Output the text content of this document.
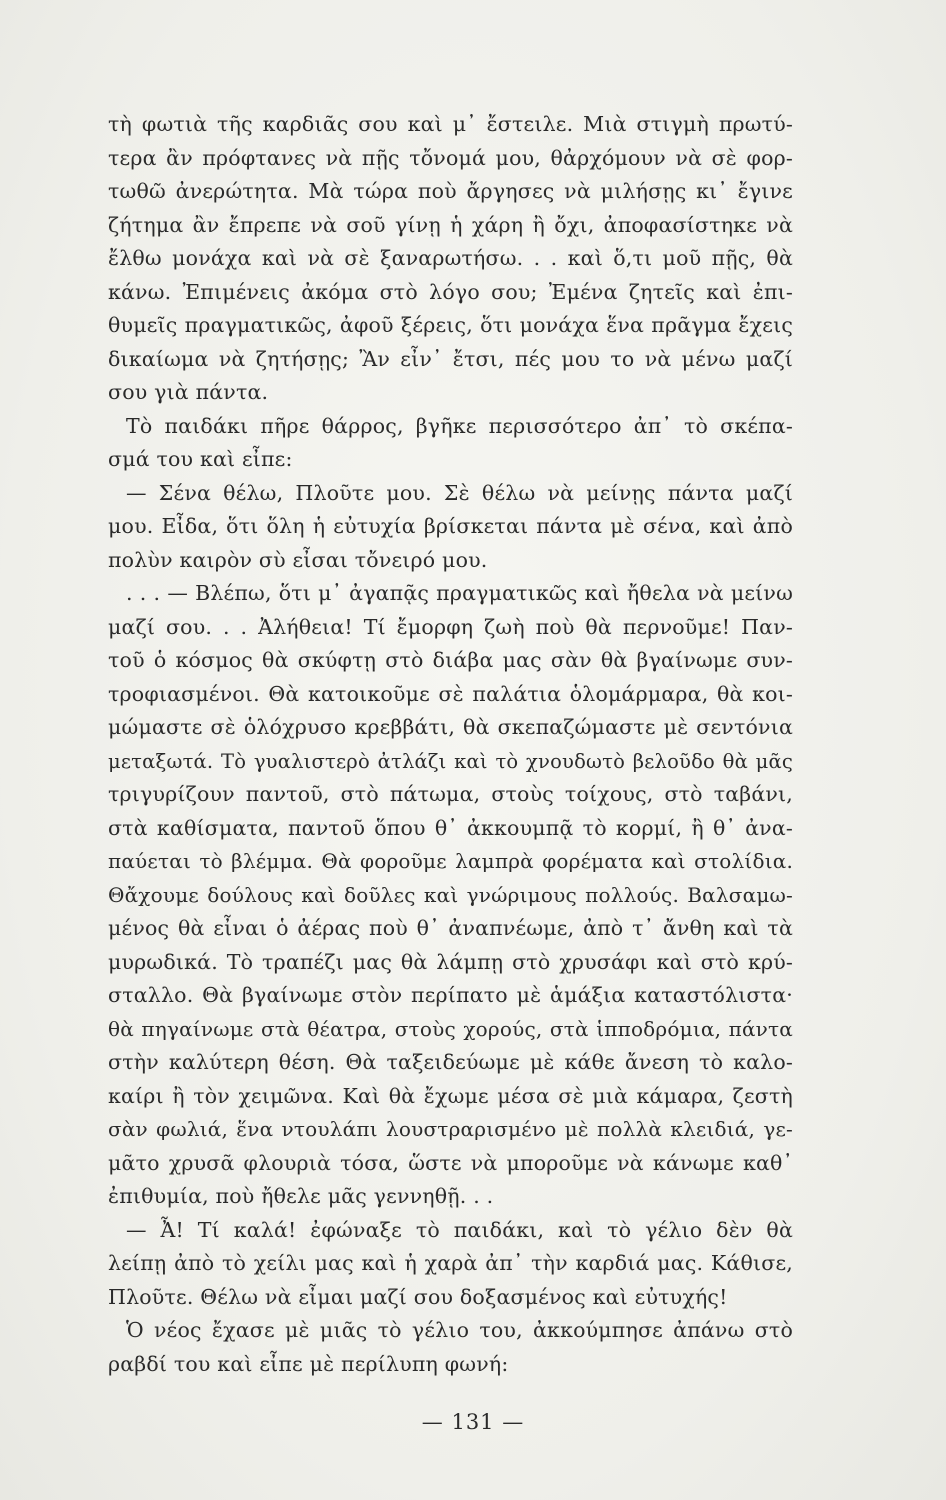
τὴ φωτιὰ τῆς καρδιᾶς σου καὶ μ᾽ ἔστειλε. Μιὰ στιγμὴ πρωτύ-
τερα ἂν πρόφτανες νὰ πῇς τὄνομά μου, θἀρχόμουν νὰ σὲ φορ-
τωθῶ ἀνερώτητα. Μὰ τώρα ποὺ ἄργησες νὰ μιλήσῃς κι᾽ ἔγινε
ζήτημα ἂν ἔπρεπε νὰ σοῦ γίνῃ ἡ χάρη ἢ ὄχι, ἀποφασίστηκε νὰ
ἔλθω μονάχα καὶ νὰ σὲ ξαναρωτήσω. . . καὶ ὅ,τι μοῦ πῇς, θὰ
κάνω. Ἐπιμένεις ἀκόμα στὸ λόγο σου; Ἐμένα ζητεῖς καὶ ἐπι-
θυμεῖς πραγματικῶς, ἀφοῦ ξέρεις, ὅτι μονάχα ἕνα πρᾶγμα ἔχεις
δικαίωμα νὰ ζητήσῃς; Ἂν εἶν᾽ ἔτσι, πές μου το νὰ μένω μαζί
σου γιὰ πάντα.
Τὸ παιδάκι πῆρε θάρρος, βγῆκε περισσότερο ἀπ᾽ τὸ σκέπα-
σμά του καὶ εἶπε:
— Σένα θέλω, Πλοῦτε μου. Σὲ θέλω νὰ μείνῃς πάντα μαζί
μου. Εἶδα, ὅτι ὅλη ἡ εὐτυχία βρίσκεται πάντα μὲ σένα, καὶ ἀπὸ
πολὺν καιρὸν σὺ εἶσαι τὄνειρό μου.
. . . — Βλέπω, ὅτι μ᾽ ἀγαπᾷς πραγματικῶς καὶ ἤθελα νὰ μείνω
μαζί σου. . . Ἀλήθεια! Τί ἔμορφη ζωὴ ποὺ θὰ περνοῦμε! Παν-
τοῦ ὁ κόσμος θὰ σκύφτῃ στὸ διάβα μας σὰν θὰ βγαίνωμε συν-
τροφιασμένοι. Θὰ κατοικοῦμε σὲ παλάτια ὁλομάρμαρα, θὰ κοι-
μώμαστε σὲ ὁλόχρυσο κρεββάτι, θὰ σκεπαζώμαστε μὲ σεντόνια
μεταξωτά. Τὸ γυαλιστερὸ ἀτλάζι καὶ τὸ χνουδωτὸ βελοῦδο θὰ μᾶς
τριγυρίζουν παντοῦ, στὸ πάτωμα, στοὺς τοίχους, στὸ ταβάνι,
στὰ καθίσματα, παντοῦ ὅπου θ᾽ ἀκκουμπᾷ τὸ κορμί, ἢ θ᾽ ἀνα-
παύεται τὸ βλέμμα. Θὰ φοροῦμε λαμπρὰ φορέματα καὶ στολίδια.
Θἄχουμε δούλους καὶ δοῦλες καὶ γνώριμους πολλούς. Βαλσαμω-
μένος θὰ εἶναι ὁ ἀέρας ποὺ θ᾽ ἀναπνέωμε, ἀπὸ τ᾽ ἄνθη καὶ τὰ
μυρωδικά. Τὸ τραπέζι μας θὰ λάμπῃ στὸ χρυσάφι καὶ στὸ κρύ-
σταλλο. Θὰ βγαίνωμε στὸν περίπατο μὲ ἁμάξια καταστόλιστα·
θὰ πηγαίνωμε στὰ θέατρα, στοὺς χορούς, στὰ ἱπποδρόμια, πάντα
στὴν καλύτερη θέση. Θὰ ταξειδεύωμε μὲ κάθε ἄνεση τὸ καλο-
καίρι ἢ τὸν χειμῶνα. Καὶ θὰ ἔχωμε μέσα σὲ μιὰ κάμαρα, ζεστὴ
σὰν φωλιά, ἕνα ντουλάπι λουστραρισμένο μὲ πολλὰ κλειδιά, γε-
μᾶτο χρυσᾶ φλουριὰ τόσα, ὥστε νὰ μποροῦμε νὰ κάνωμε καθ᾽
ἐπιθυμία, ποὺ ἤθελε μᾶς γεννηθῇ. . .
— Ἆ! Τί καλά! ἐφώναξε τὸ παιδάκι, καὶ τὸ γέλιο δὲν θὰ
λείπῃ ἀπὸ τὸ χείλι μας καὶ ἡ χαρὰ ἀπ᾽ τὴν καρδιά μας. Κάθισε,
Πλοῦτε. Θέλω νὰ εἶμαι μαζί σου δοξασμένος καὶ εὐτυχής!
Ὁ νέος ἔχασε μὲ μιᾶς τὸ γέλιο του, ἀκκούμπησε ἀπάνω στὸ
ραβδί του καὶ εἶπε μὲ περίλυπη φωνή:
— 131 —
